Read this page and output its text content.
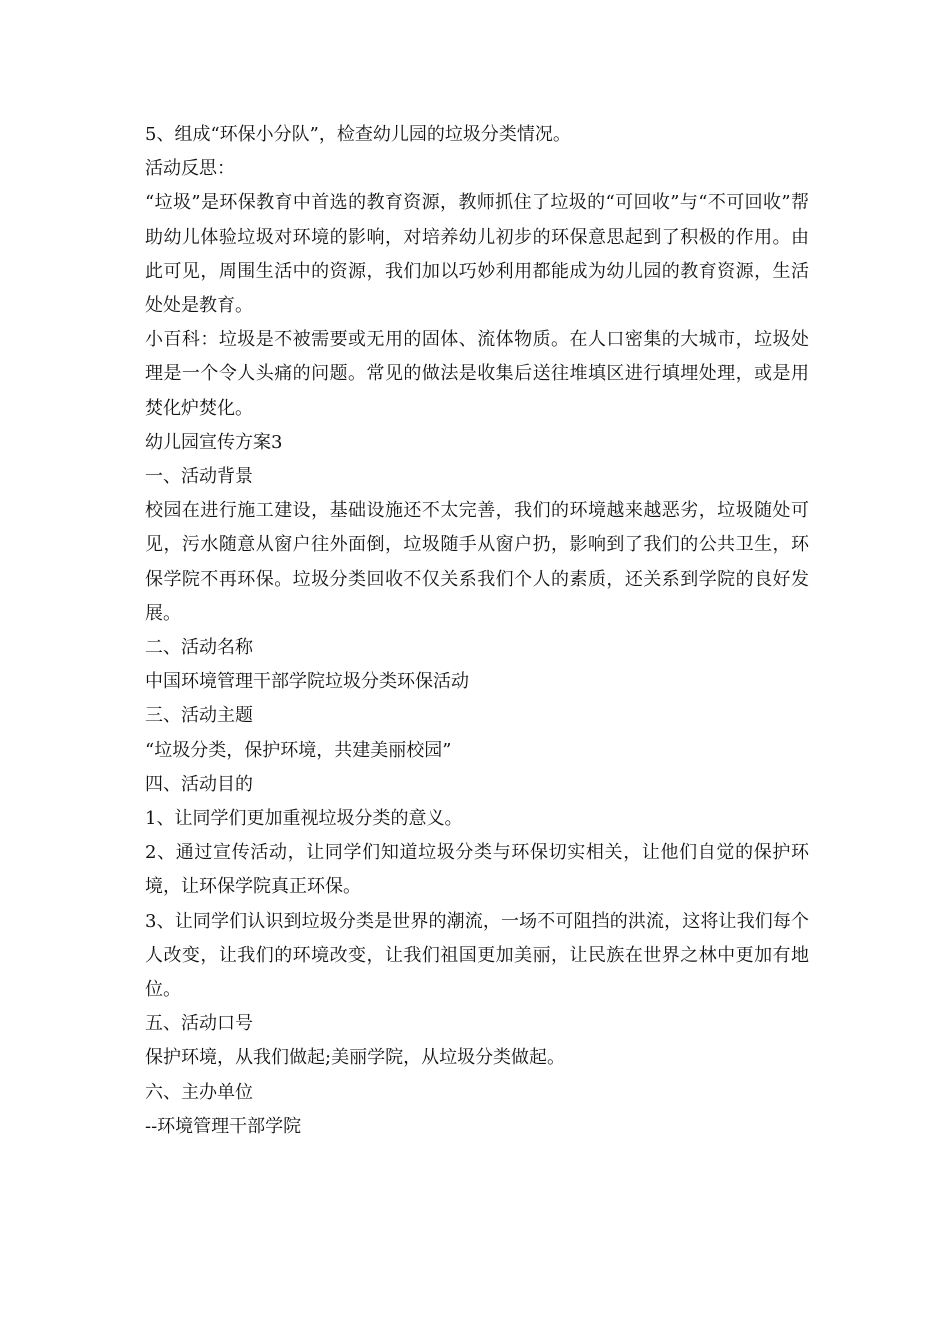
5、组成“环保小分队”，检查幼儿园的垃圾分类情况。

活动反思：

“垃圾”是环保教育中首选的教育资源，教师抓住了垃圾的“可回收”与“不可回收”帮助幼儿体验垃圾对环境的影响，对培养幼儿初步的环保意思起到了积极的作用。由此可见，周围生活中的资源，我们加以巧妙利用都能成为幼儿园的教育资源，生活处处是教育。

小百科：垃圾是不被需要或无用的固体、流体物质。在人口密集的大城市，垃圾处理是一个令人头痛的问题。常见的做法是收集后送往堆填区进行填埋处理，或是用焚化炉焚化。

幼儿园宣传方案3

一、活动背景

校园在进行施工建设，基础设施还不太完善，我们的环境越来越恶劣，垃圾随处可见，污水随意从窗户往外面倒，垃圾随手从窗户扔，影响到了我们的公共卫生，环保学院不再环保。垃圾分类回收不仅关系我们个人的素质，还关系到学院的良好发展。

二、活动名称

中国环境管理干部学院垃圾分类环保活动

三、活动主题

“垃圾分类，保护环境，共建美丽校园”

四、活动目的

1、让同学们更加重视垃圾分类的意义。

2、通过宣传活动，让同学们知道垃圾分类与环保切实相关，让他们自觉的保护环境，让环保学院真正环保。

3、让同学们认识到垃圾分类是世界的潮流，一场不可阻挡的洪流，这将让我们每个人改变，让我们的环境改变，让我们祖国更加美丽，让民族在世界之林中更加有地位。

五、活动口号

保护环境，从我们做起;美丽学院，从垃圾分类做起。

六、主办单位

--环境管理干部学院
